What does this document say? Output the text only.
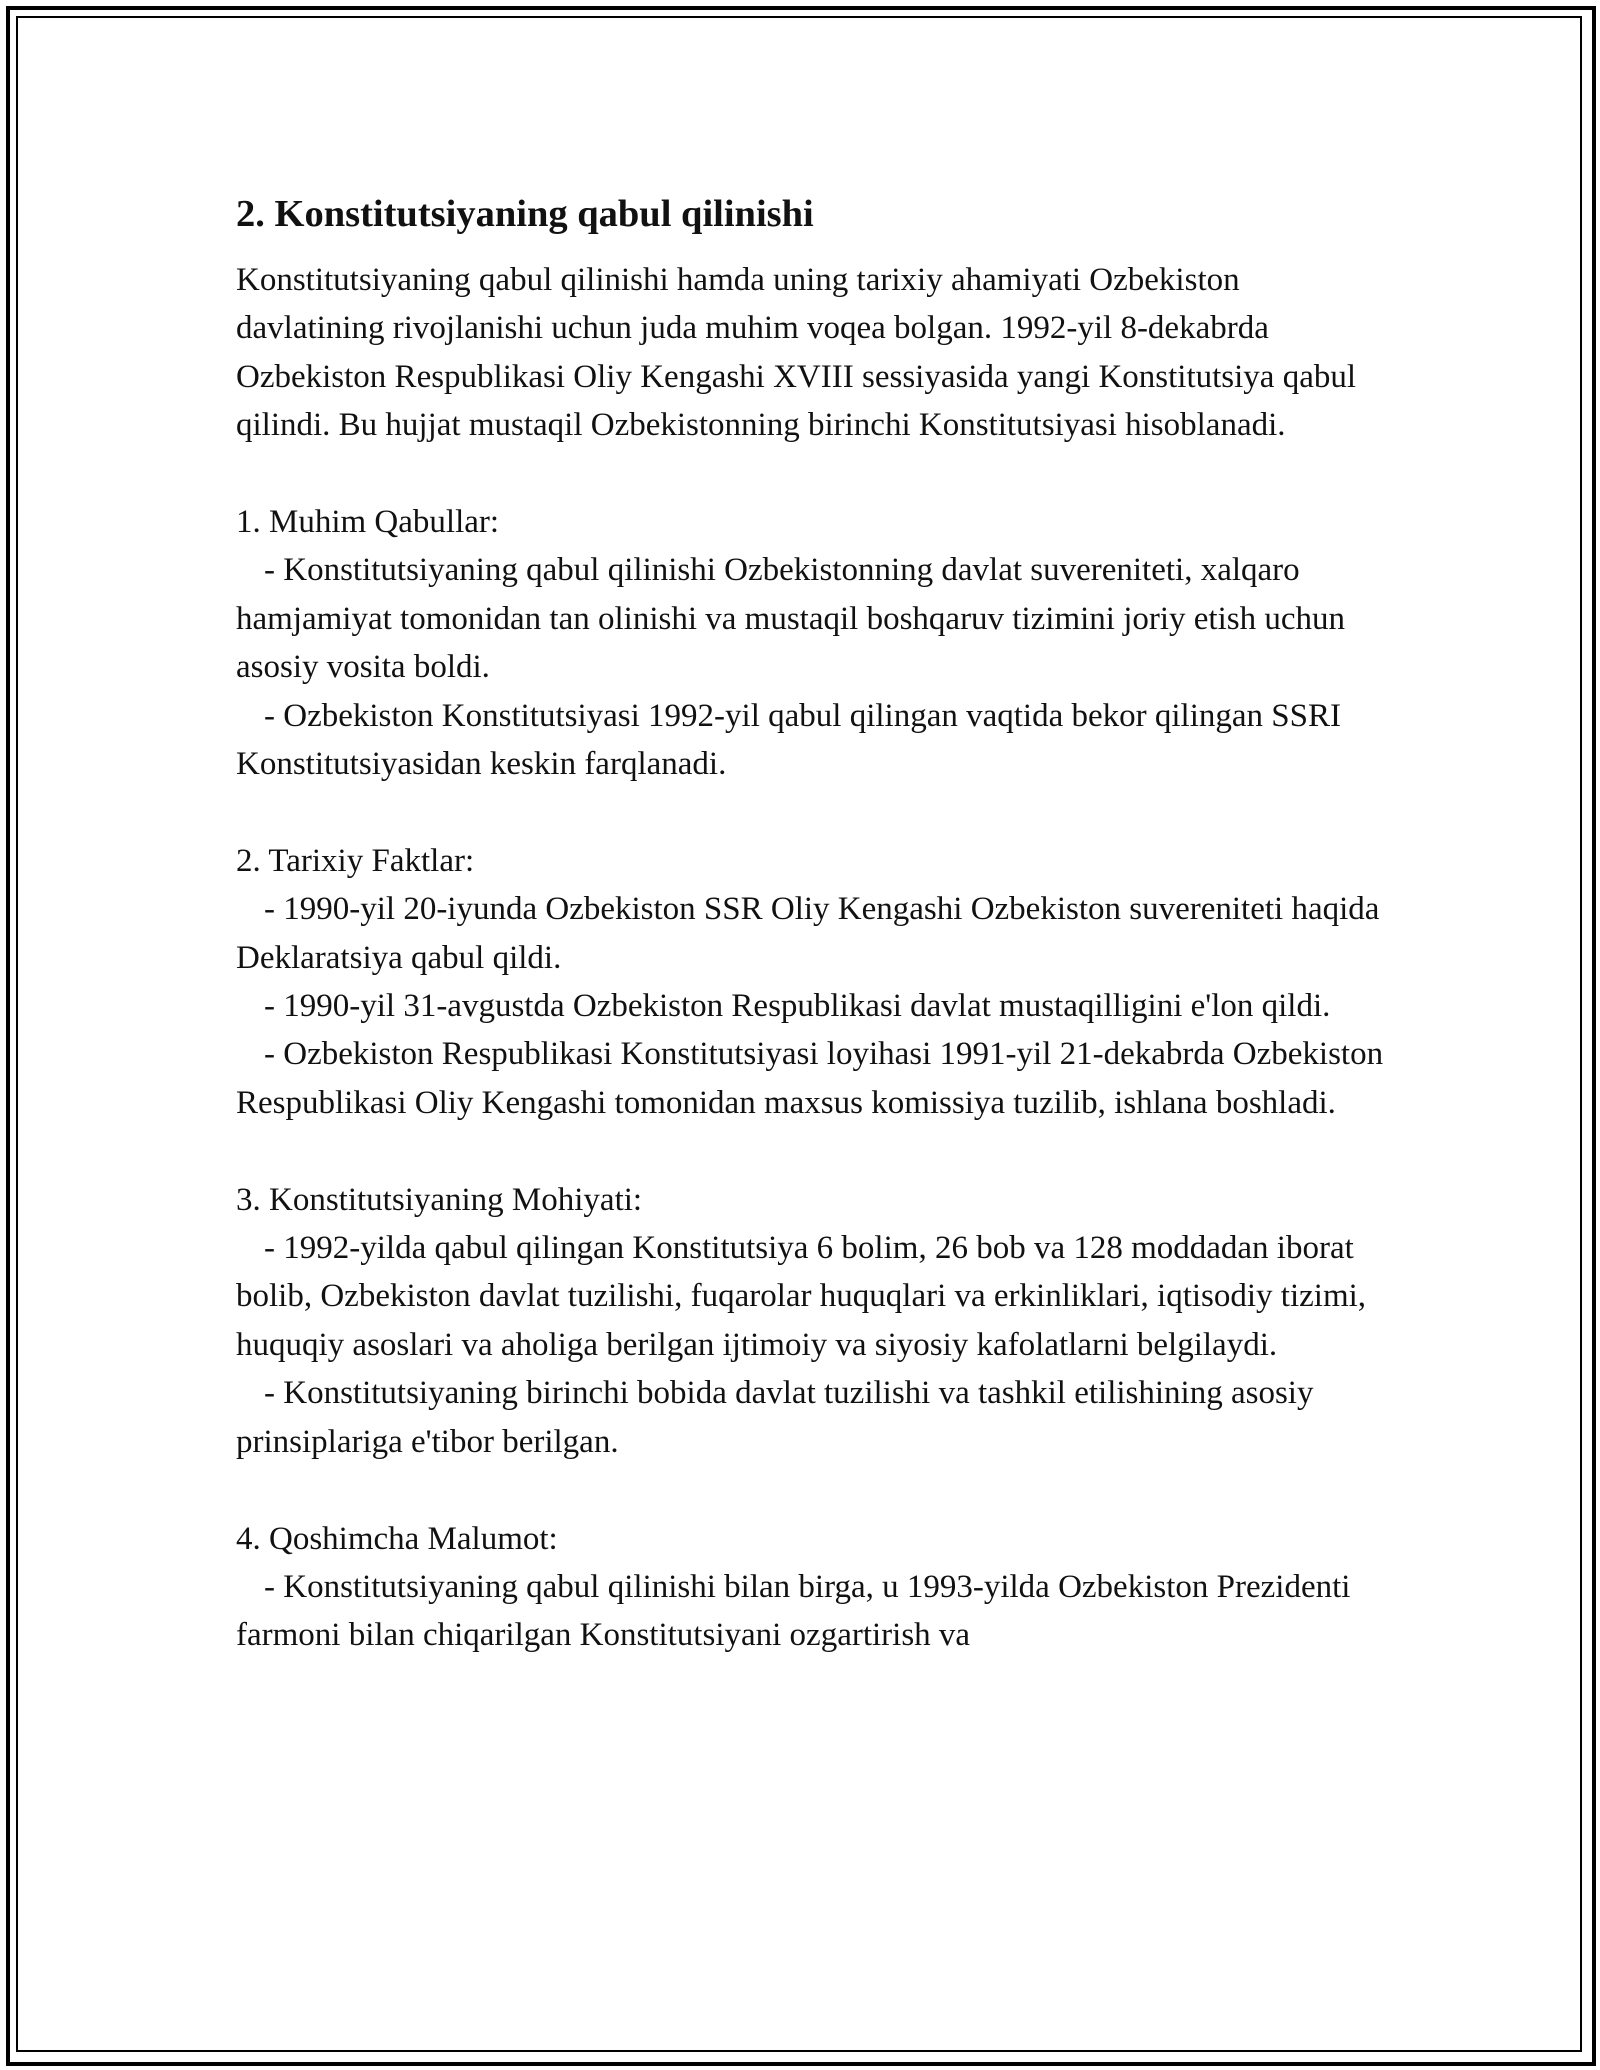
2. Konstitutsiyaning qabul qilinishi

Konstitutsiyaning qabul qilinishi hamda uning tarixiy ahamiyati Ozbekiston davlatining rivojlanishi uchun juda muhim voqea bolgan. 1992-yil 8-dekabrda Ozbekiston Respublikasi Oliy Kengashi XVIII sessiyasida yangi Konstitutsiya qabul qilindi. Bu hujjat mustaqil Ozbekistonning birinchi Konstitutsiyasi hisoblanadi.

1. Muhim Qabullar:

- Konstitutsiyaning qabul qilinishi Ozbekistonning davlat suvereniteti, xalqaro hamjamiyat tomonidan tan olinishi va mustaqil boshqaruv tizimini joriy etish uchun asosiy vosita boldi.

- Ozbekiston Konstitutsiyasi 1992-yil qabul qilingan vaqtida bekor qilingan SSRI Konstitutsiyasidan keskin farqlanadi.

2. Tarixiy Faktlar:

- 1990-yil 20-iyunda Ozbekiston SSR Oliy Kengashi Ozbekiston suvereniteti haqida Deklaratsiya qabul qildi.

- 1990-yil 31-avgustda Ozbekiston Respublikasi davlat mustaqilligini e'lon qildi.

- Ozbekiston Respublikasi Konstitutsiyasi loyihasi 1991-yil 21-dekabrda Ozbekiston Respublikasi Oliy Kengashi tomonidan maxsus komissiya tuzilib, ishlana boshladi.

3. Konstitutsiyaning Mohiyati:

- 1992-yilda qabul qilingan Konstitutsiya 6 bolim, 26 bob va 128 moddadan iborat bolib, Ozbekiston davlat tuzilishi, fuqarolar huquqlari va erkinliklari, iqtisodiy tizimi, huquqiy asoslari va aholiga berilgan ijtimoiy va siyosiy kafolatlarni belgilaydi.

- Konstitutsiyaning birinchi bobida davlat tuzilishi va tashkil etilishining asosiy prinsiplariga e'tibor berilgan.

4. Qoshimcha Malumot:

- Konstitutsiyaning qabul qilinishi bilan birga, u 1993-yilda Ozbekiston Prezidenti farmoni bilan chiqarilgan Konstitutsiyani ozgartirish va
